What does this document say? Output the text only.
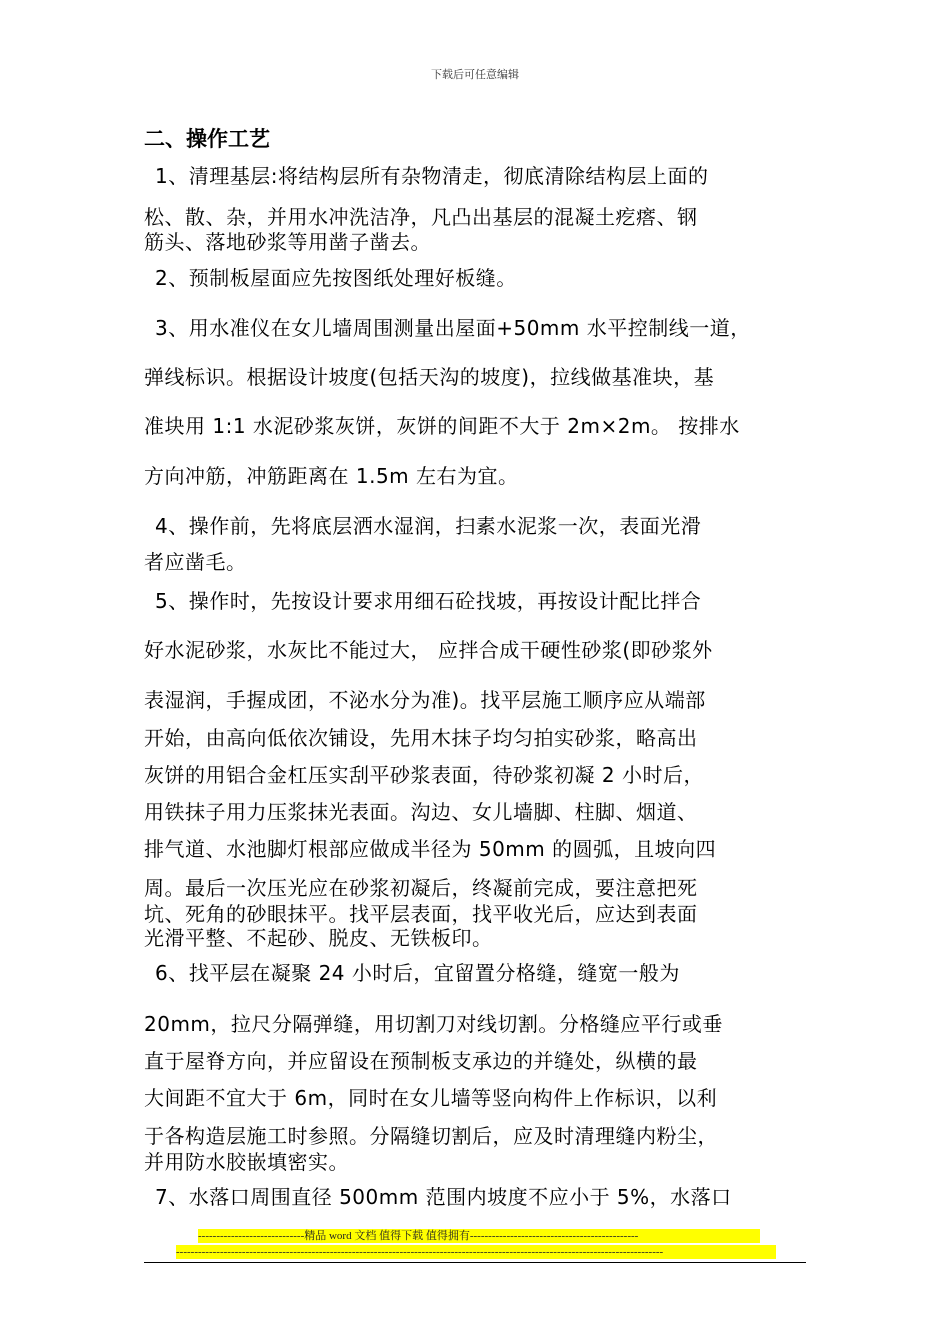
下载后可任意编辑
二、操作工艺
1、清理基层:将结构层所有杂物清走，彻底清除结构层上面的
松、散、杂，并用水冲洗洁净，凡凸出基层的混凝土疙瘩、钢
筋头、落地砂浆等用凿子凿去。
2、预制板屋面应先按图纸处理好板缝。
3、用水准仪在女儿墙周围测量出屋面+50mm 水平控制线一道，
弹线标识。根据设计坡度(包括天沟的坡度)，拉线做基准块，基
准块用 1:1 水泥砂浆灰饼，灰饼的间距不大于 2m×2m。 按排水
方向冲筋，冲筋距离在 1.5m 左右为宜。
4、操作前，先将底层洒水湿润，扫素水泥浆一次，表面光滑
者应凿毛。
5、操作时，先按设计要求用细石砼找坡，再按设计配比拌合
好水泥砂浆，水灰比不能过大， 应拌合成干硬性砂浆(即砂浆外
表湿润，手握成团，不泌水分为准)。找平层施工顺序应从端部
开始，由高向低依次铺设，先用木抹子均匀拍实砂浆，略高出
灰饼的用铝合金杠压实刮平砂浆表面，待砂浆初凝 2 小时后，
用铁抹子用力压浆抹光表面。沟边、女儿墙脚、柱脚、烟道、
排气道、水池脚灯根部应做成半径为 50mm 的圆弧，且坡向四
周。最后一次压光应在砂浆初凝后，终凝前完成，要注意把死
坑、死角的砂眼抹平。找平层表面，找平收光后，应达到表面
光滑平整、不起砂、脱皮、无铁板印。
6、找平层在凝聚 24 小时后，宜留置分格缝，缝宽一般为
20mm，拉尺分隔弹缝，用切割刀对线切割。分格缝应平行或垂
直于屋脊方向，并应留设在预制板支承边的并缝处，纵横的最
大间距不宜大于 6m，同时在女儿墙等竖向构件上作标识，以利
于各构造层施工时参照。分隔缝切割后，应及时清理缝内粉尘，
并用防水胶嵌填密实。
7、水落口周围直径 500mm 范围内坡度不应小于 5%，水落口
-----------------------------精品 word 文档 值得下载 值得拥有----------------------------------------------
-------------------------------------------------------------------------------------------------------------------------------------
